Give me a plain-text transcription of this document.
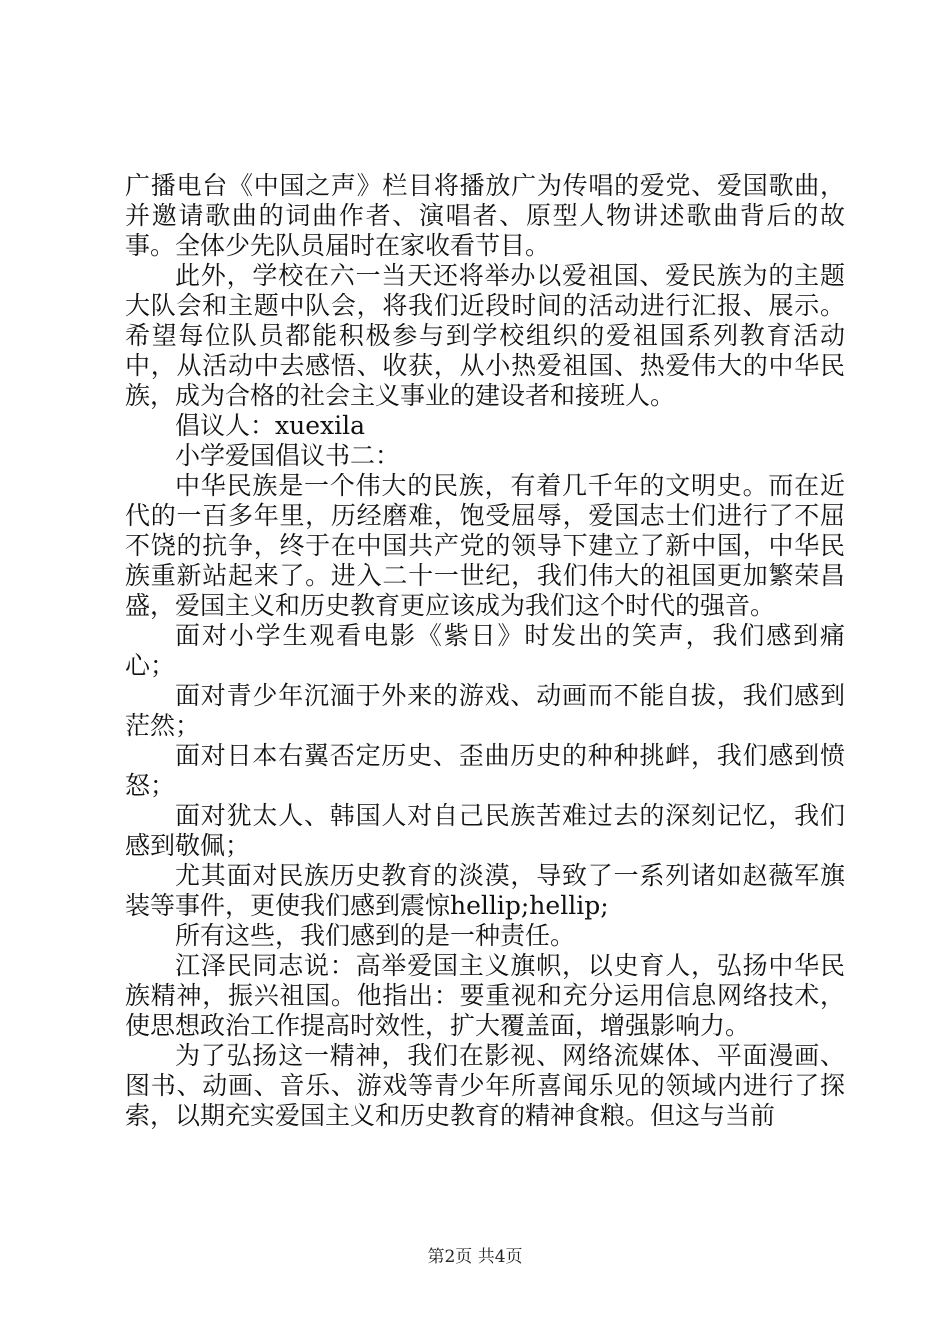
广播电台《中国之声》栏目将播放广为传唱的爱党、爱国歌曲，并邀请歌曲的词曲作者、演唱者、原型人物讲述歌曲背后的故事。全体少先队员届时在家收看节目。

此外，学校在六一当天还将举办以爱祖国、爱民族为的主题大队会和主题中队会，将我们近段时间的活动进行汇报、展示。希望每位队员都能积极参与到学校组织的爱祖国系列教育活动中，从活动中去感悟、收获，从小热爱祖国、热爱伟大的中华民族，成为合格的社会主义事业的建设者和接班人。

倡议人：xuexila

小学爱国倡议书二：

中华民族是一个伟大的民族，有着几千年的文明史。而在近代的一百多年里，历经磨难，饱受屈辱，爱国志士们进行了不屈不饶的抗争，终于在中国共产党的领导下建立了新中国，中华民族重新站起来了。进入二十一世纪，我们伟大的祖国更加繁荣昌盛，爱国主义和历史教育更应该成为我们这个时代的强音。

面对小学生观看电影《紫日》时发出的笑声，我们感到痛心；

面对青少年沉湎于外来的游戏、动画而不能自拔，我们感到茫然；

面对日本右翼否定历史、歪曲历史的种种挑衅，我们感到愤怒；

面对犹太人、韩国人对自己民族苦难过去的深刻记忆，我们感到敬佩；

尤其面对民族历史教育的淡漠，导致了一系列诸如赵薇军旗装等事件，更使我们感到震惊hellip;hellip;

所有这些，我们感到的是一种责任。

江泽民同志说：高举爱国主义旗帜，以史育人，弘扬中华民族精神，振兴祖国。他指出：要重视和充分运用信息网络技术，使思想政治工作提高时效性，扩大覆盖面，增强影响力。

为了弘扬这一精神，我们在影视、网络流媒体、平面漫画、图书、动画、音乐、游戏等青少年所喜闻乐见的领域内进行了探索，以期充实爱国主义和历史教育的精神食粮。但这与当前

第2页 共4页
